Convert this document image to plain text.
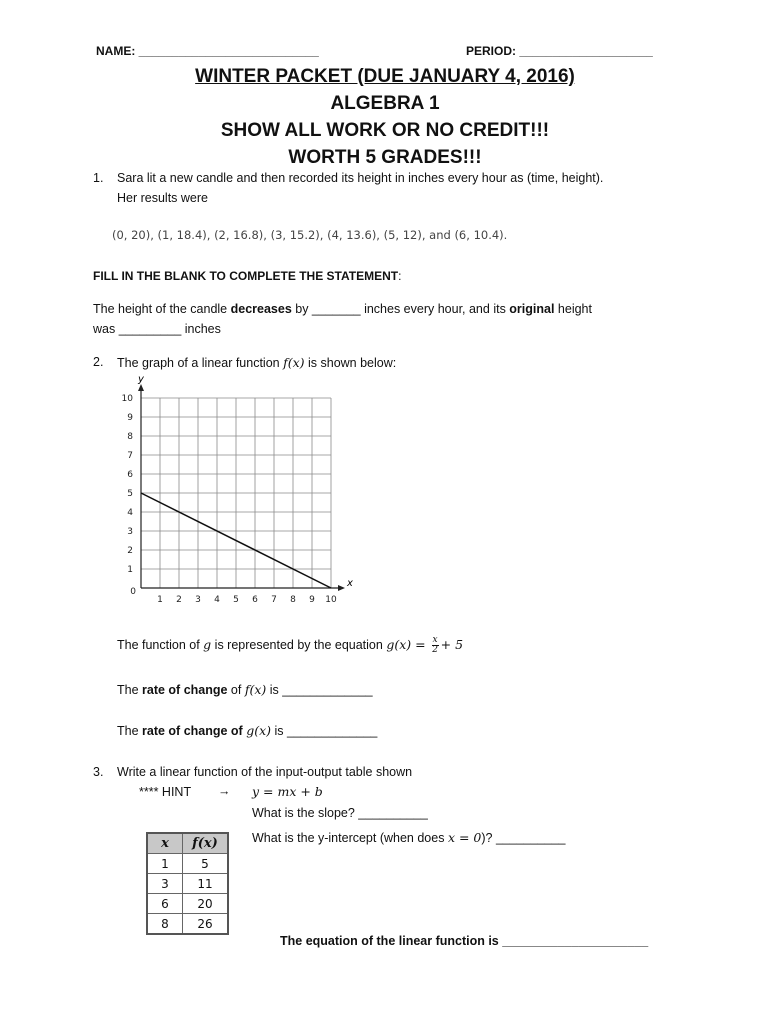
NAME: ___________________________	PERIOD: ____________________
WINTER PACKET (DUE JANUARY 4, 2016)
ALGEBRA 1
SHOW ALL WORK OR NO CREDIT!!!
WORTH 5 GRADES!!!
1. Sara lit a new candle and then recorded its height in inches every hour as (time, height).
Her results were
(0, 20), (1, 18.4), (2, 16.8), (3, 15.2), (4, 13.6), (5, 12), and (6, 10.4).
FILL IN THE BLANK TO COMPLETE THE STATEMENT:
The height of the candle decreases by _______ inches every hour, and its original height
was _________ inches
2. The graph of a linear function f(x) is shown below:
0
1 2 3 4 5 6 7 8 9 10
1
2
3
4
5
6
7
8
9
10
x
y
The function of g is represented by the equation $g(x) = \frac{x}{2} + 5$
The rate of change of f(x) is _____________
The rate of change of g(x) is _____________
3. Write a linear function of the input-output table shown
**** HINT → y = mx + b
What is the slope? __________
What is the y-intercept (when does x = 0)? __________
x	f(x)
1	5
3	11
6	20
8	26
The equation of the linear function is _____________________
